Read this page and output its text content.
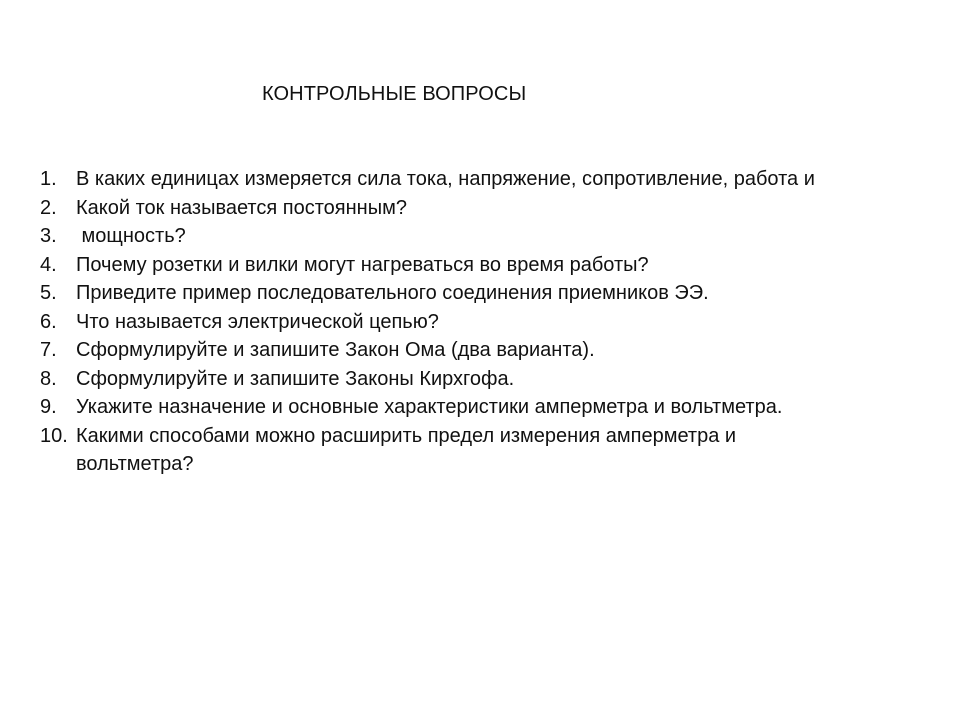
КОНТРОЛЬНЫЕ ВОПРОСЫ
1. В каких единицах измеряется сила тока, напряжение, сопротивление, работа и
2. Какой ток называется постоянным?
3. мощность?
4. Почему розетки и вилки могут нагреваться во время работы?
5. Приведите пример последовательного соединения приемников ЭЭ.
6. Что называется электрической цепью?
7. Сформулируйте и запишите Закон Ома (два варианта).
8. Сформулируйте и запишите Законы Кирхгофа.
9. Укажите назначение и основные характеристики амперметра и вольтметра.
10. Какими способами можно расширить предел измерения амперметра и вольтметра?
